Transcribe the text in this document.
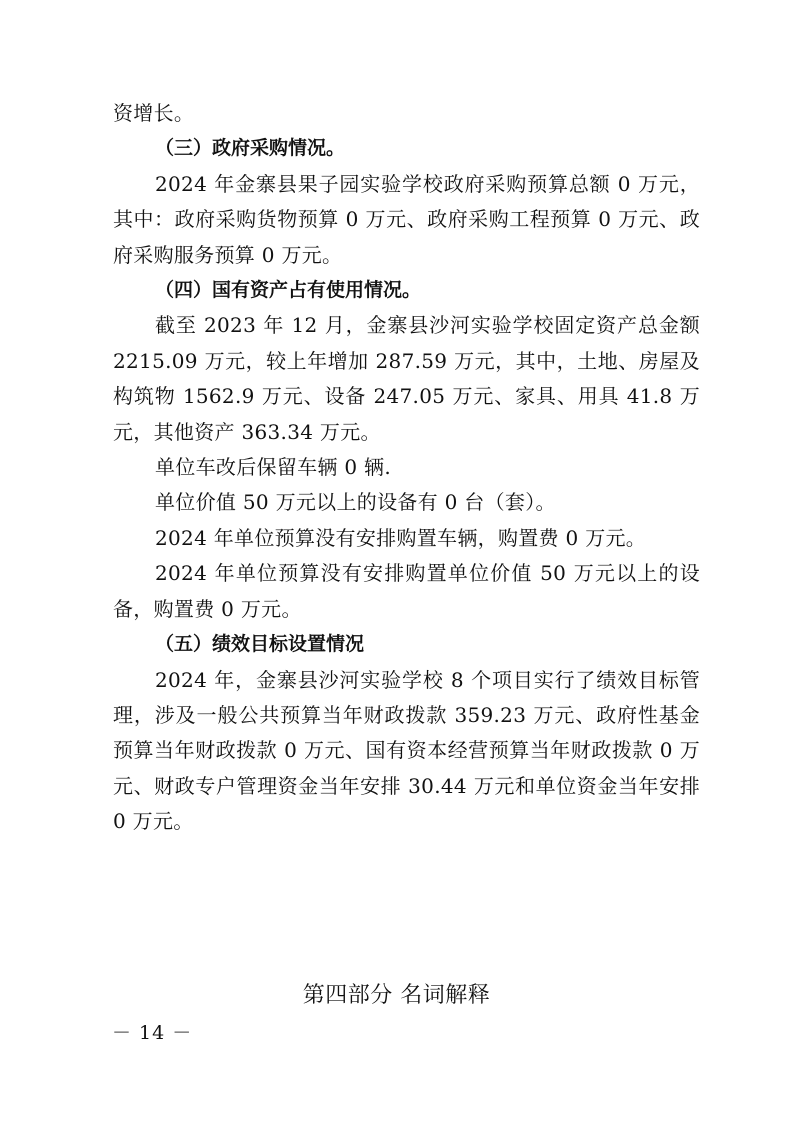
资增长。

（三）政府采购情况。

2024 年金寨县果子园实验学校政府采购预算总额 0 万元，其中：政府采购货物预算 0 万元、政府采购工程预算 0 万元、政府采购服务预算 0 万元。

（四）国有资产占有使用情况。

截至 2023 年 12 月，金寨县沙河实验学校固定资产总金额 2215.09 万元，较上年增加 287.59 万元，其中，土地、房屋及构筑物 1562.9 万元、设备 247.05 万元、家具、用具 41.8 万元，其他资产 363.34 万元。

单位车改后保留车辆 0 辆.

单位价值 50 万元以上的设备有 0 台（套）。

2024 年单位预算没有安排购置车辆，购置费 0 万元。

2024 年单位预算没有安排购置单位价值 50 万元以上的设备，购置费 0 万元。

（五）绩效目标设置情况

2024 年，金寨县沙河实验学校 8 个项目实行了绩效目标管理，涉及一般公共预算当年财政拨款 359.23 万元、政府性基金预算当年财政拨款 0 万元、国有资本经营预算当年财政拨款 0 万元、财政专户管理资金当年安排 30.44 万元和单位资金当年安排 0 万元。

第四部分 名词解释
－ 14 －
